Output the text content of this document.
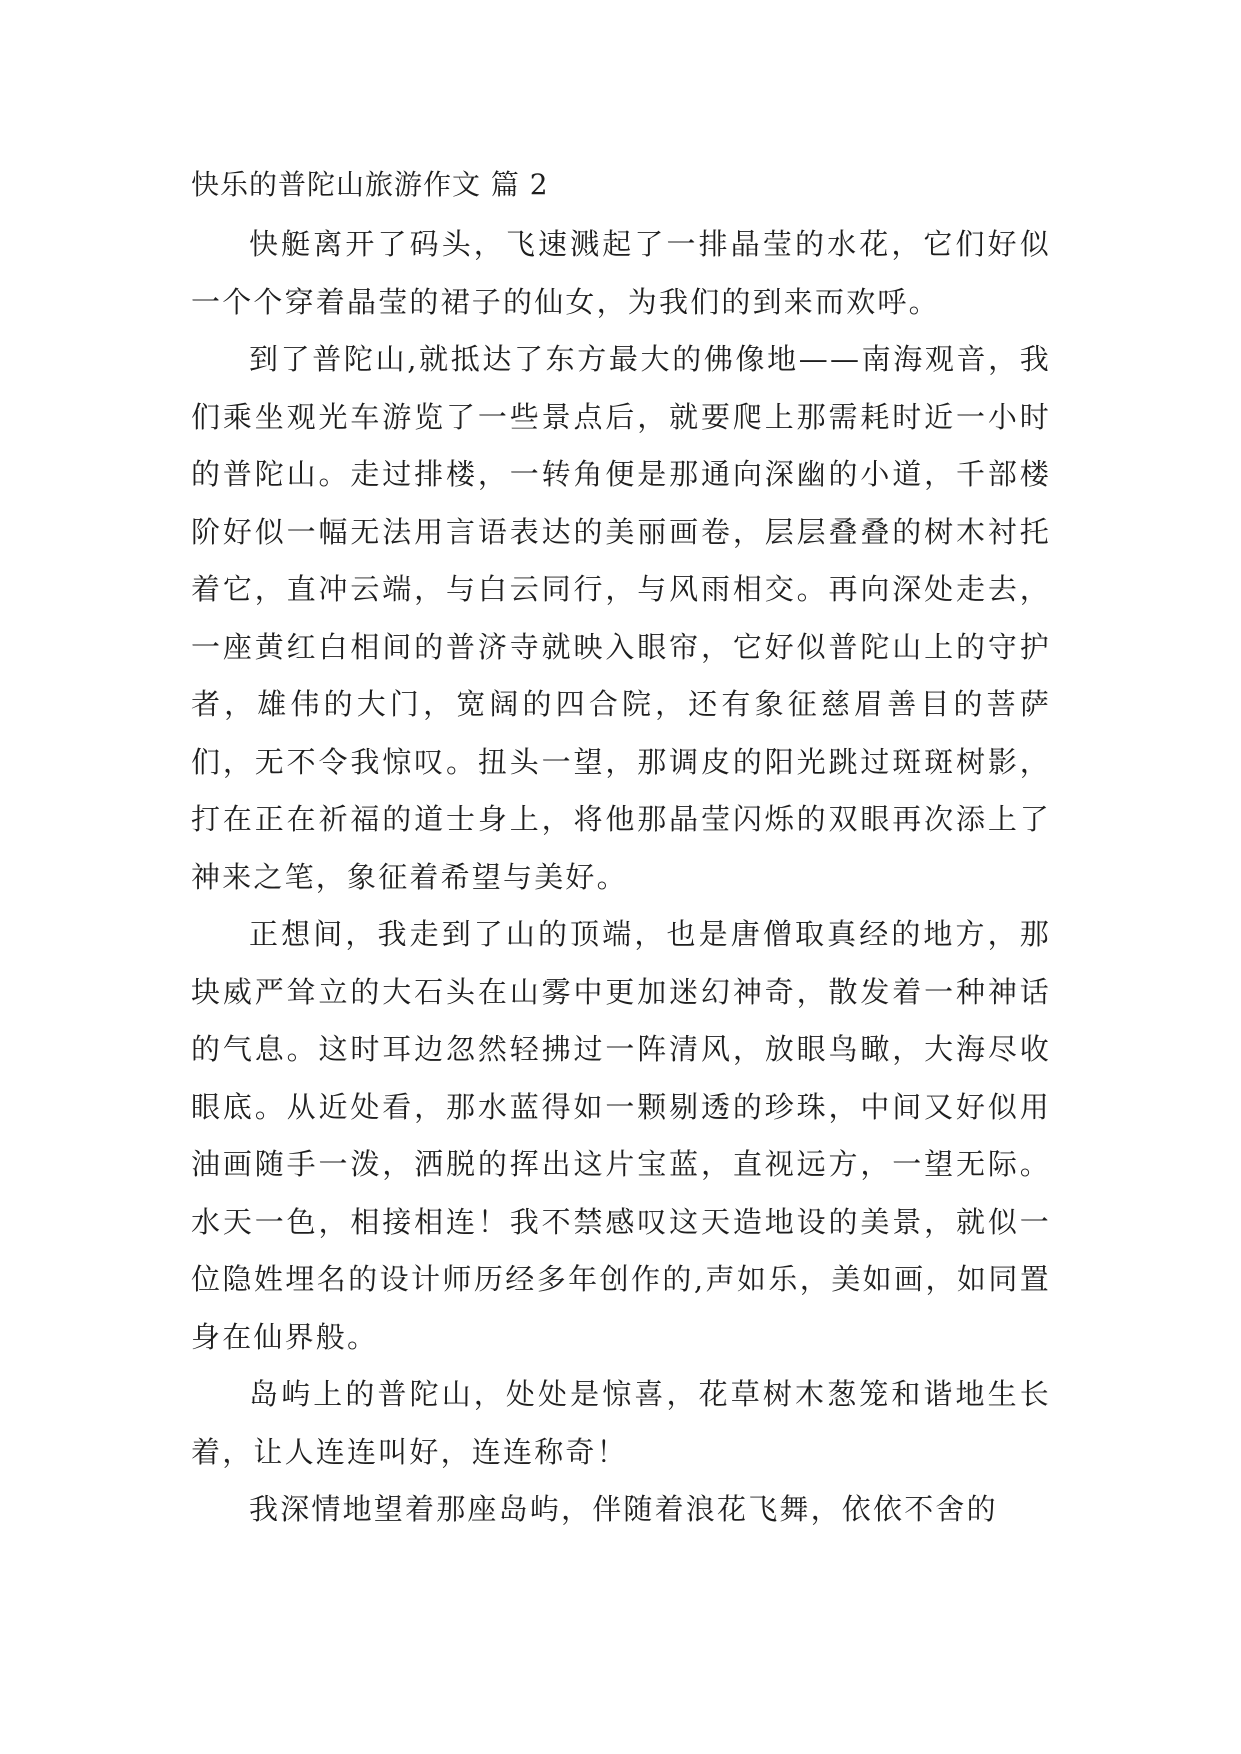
快乐的普陀山旅游作文 篇 2

快艇离开了码头，飞速溅起了一排晶莹的水花，它们好似一个个穿着晶莹的裙子的仙女，为我们的到来而欢呼。

到了普陀山,就抵达了东方最大的佛像地——南海观音，我们乘坐观光车游览了一些景点后，就要爬上那需耗时近一小时的普陀山。走过排楼，一转角便是那通向深幽的小道，千部楼阶好似一幅无法用言语表达的美丽画卷，层层叠叠的树木衬托着它，直冲云端，与白云同行，与风雨相交。再向深处走去，一座黄红白相间的普济寺就映入眼帘，它好似普陀山上的守护者，雄伟的大门，宽阔的四合院，还有象征慈眉善目的菩萨们，无不令我惊叹。扭头一望，那调皮的阳光跳过斑斑树影，打在正在祈福的道士身上，将他那晶莹闪烁的双眼再次添上了神来之笔，象征着希望与美好。

正想间，我走到了山的顶端，也是唐僧取真经的地方，那块威严耸立的大石头在山雾中更加迷幻神奇，散发着一种神话的气息。这时耳边忽然轻拂过一阵清风，放眼鸟瞰，大海尽收眼底。从近处看，那水蓝得如一颗剔透的珍珠，中间又好似用油画随手一泼，洒脱的挥出这片宝蓝，直视远方，一望无际。水天一色，相接相连！我不禁感叹这天造地设的美景，就似一位隐姓埋名的设计师历经多年创作的,声如乐，美如画，如同置身在仙界般。

岛屿上的普陀山，处处是惊喜，花草树木葱笼和谐地生长着，让人连连叫好，连连称奇！

我深情地望着那座岛屿，伴随着浪花飞舞，依依不舍的
